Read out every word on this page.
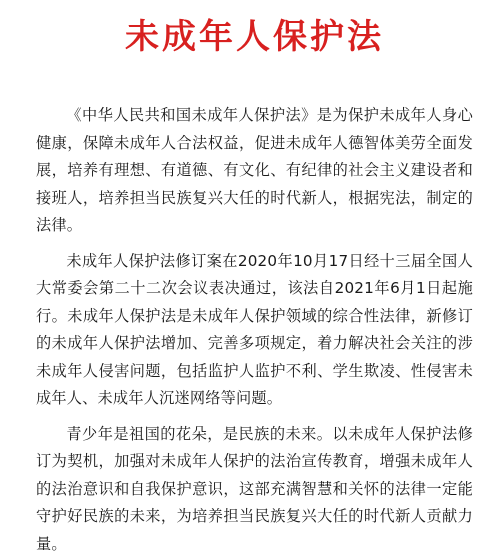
未成年人保护法

《中华人民共和国未成年人保护法》是为保护未成年人身心健康，保障未成年人合法权益，促进未成年人德智体美劳全面发展，培养有理想、有道德、有文化、有纪律的社会主义建设者和接班人，培养担当民族复兴大任的时代新人，根据宪法，制定的法律。

未成年人保护法修订案在2020年10月17日经十三届全国人大常委会第二十二次会议表决通过，该法自2021年6月1日起施行。未成年人保护法是未成年人保护领域的综合性法律，新修订的未成年人保护法增加、完善多项规定，着力解决社会关注的涉未成年人侵害问题，包括监护人监护不利、学生欺凌、性侵害未成年人、未成年人沉迷网络等问题。

青少年是祖国的花朵，是民族的未来。以未成年人保护法修订为契机，加强对未成年人保护的法治宣传教育，增强未成年人的法治意识和自我保护意识，这部充满智慧和关怀的法律一定能守护好民族的未来，为培养担当民族复兴大任的时代新人贡献力量。
